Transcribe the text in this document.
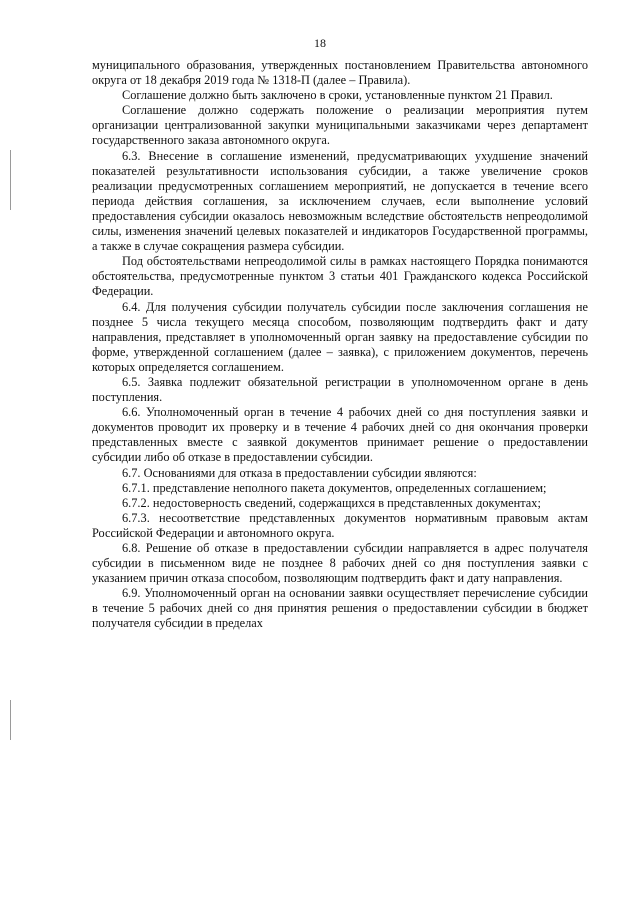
18

муниципального образования, утвержденных постановлением Правительства автономного округа от 18 декабря 2019 года № 1318-П (далее – Правила).

Соглашение должно быть заключено в сроки, установленные пунктом 21 Правил.

Соглашение должно содержать положение о реализации мероприятия путем организации централизованной закупки муниципальными заказчиками через департамент государственного заказа автономного округа.

6.3. Внесение в соглашение изменений, предусматривающих ухудшение значений показателей результативности использования субсидии, а также увеличение сроков реализации предусмотренных соглашением мероприятий, не допускается в течение всего периода действия соглашения, за исключением случаев, если выполнение условий предоставления субсидии оказалось невозможным вследствие обстоятельств непреодолимой силы, изменения значений целевых показателей и индикаторов Государственной программы, а также в случае сокращения размера субсидии.

Под обстоятельствами непреодолимой силы в рамках настоящего Порядка понимаются обстоятельства, предусмотренные пунктом 3 статьи 401 Гражданского кодекса Российской Федерации.

6.4. Для получения субсидии получатель субсидии после заключения соглашения не позднее 5 числа текущего месяца способом, позволяющим подтвердить факт и дату направления, представляет в уполномоченный орган заявку на предоставление субсидии по форме, утвержденной соглашением (далее – заявка), с приложением документов, перечень которых определяется соглашением.

6.5. Заявка подлежит обязательной регистрации в уполномоченном органе в день поступления.

6.6. Уполномоченный орган в течение 4 рабочих дней со дня поступления заявки и документов проводит их проверку и в течение 4 рабочих дней со дня окончания проверки представленных вместе с заявкой документов принимает решение о предоставлении субсидии либо об отказе в предоставлении субсидии.

6.7. Основаниями для отказа в предоставлении субсидии являются:

6.7.1. представление неполного пакета документов, определенных соглашением;

6.7.2. недостоверность сведений, содержащихся в представленных документах;

6.7.3. несоответствие представленных документов нормативным правовым актам Российской Федерации и автономного округа.

6.8. Решение об отказе в предоставлении субсидии направляется в адрес получателя субсидии в письменном виде не позднее 8 рабочих дней со дня поступления заявки с указанием причин отказа способом, позволяющим подтвердить факт и дату направления.

6.9. Уполномоченный орган на основании заявки осуществляет перечисление субсидии в течение 5 рабочих дней со дня принятия решения о предоставлении субсидии в бюджет получателя субсидии в пределах
